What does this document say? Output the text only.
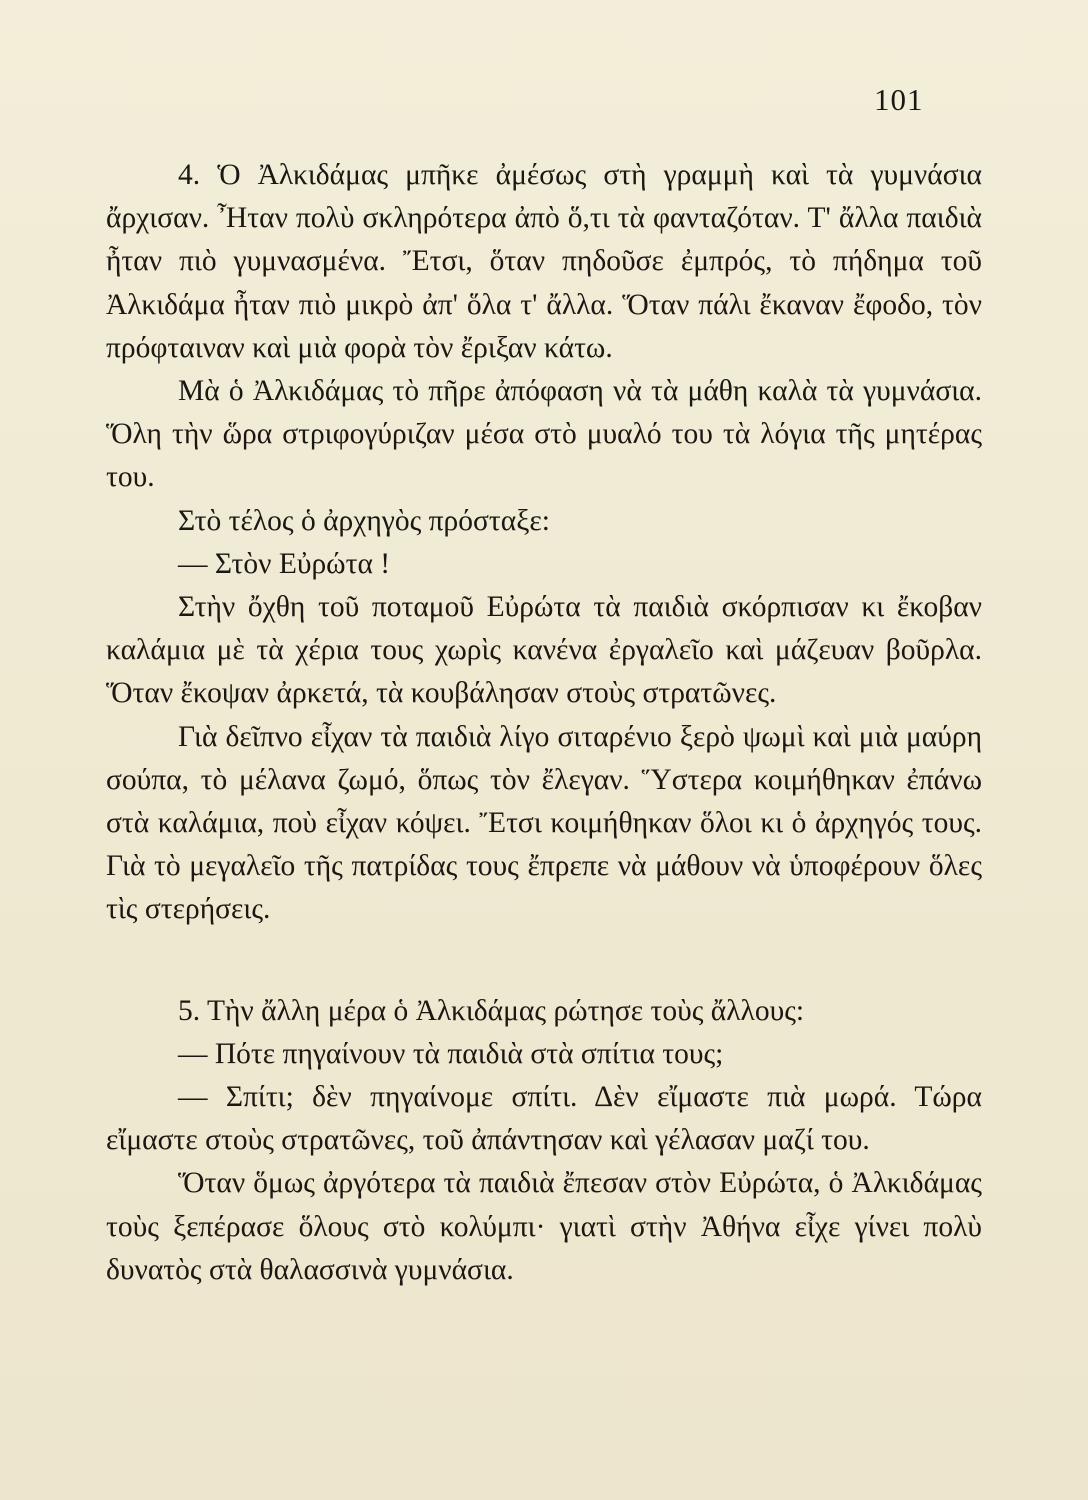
101

4. Ὁ Ἀλκιδάμας μπῆκε ἀμέσως στὴ γραμμὴ καὶ τὰ γυμνάσια ἄρχισαν. Ἦταν πολὺ σκληρότερα ἀπὸ ὅ,τι τὰ φανταζόταν. Τ' ἄλλα παιδιὰ ἦταν πιὸ γυμνασμένα. Ἔτσι, ὅταν πηδοῦσε ἐμπρός, τὸ πήδημα τοῦ Ἀλκιδάμα ἦταν πιὸ μικρὸ ἀπ' ὅλα τ' ἄλλα. Ὅταν πάλι ἔκαναν ἔφοδο, τὸν πρόφταιναν καὶ μιὰ φορὰ τὸν ἔριξαν κάτω.

Μὰ ὁ Ἀλκιδάμας τὸ πῆρε ἀπόφαση νὰ τὰ μάθη καλὰ τὰ γυμνάσια. Ὅλη τὴν ὥρα στριφογύριζαν μέσα στὸ μυαλό του τὰ λόγια τῆς μητέρας του.

Στὸ τέλος ὁ ἀρχηγὸς πρόσταξε:

— Στὸν Εὐρώτα !

Στὴν ὄχθη τοῦ ποταμοῦ Εὐρώτα τὰ παιδιὰ σκόρπισαν κι ἔκοβαν καλάμια μὲ τὰ χέρια τους χωρὶς κανένα ἐργαλεῖο καὶ μάζευαν βοῦρλα. Ὅταν ἔκοψαν ἀρκετά, τὰ κουβάλησαν στοὺς στρατῶνες.

Γιὰ δεῖπνο εἶχαν τὰ παιδιὰ λίγο σιταρένιο ξερὸ ψωμὶ καὶ μιὰ μαύρη σούπα, τὸ μέλανα ζωμό, ὅπως τὸν ἔλεγαν. Ὕστερα κοιμήθηκαν ἐπάνω στὰ καλάμια, ποὺ εἶχαν κόψει. Ἔτσι κοιμήθηκαν ὅλοι κι ὁ ἀρχηγός τους. Γιὰ τὸ μεγαλεῖο τῆς πατρίδας τους ἔπρεπε νὰ μάθουν νὰ ὑποφέρουν ὅλες τὶς στερήσεις.

5. Τὴν ἄλλη μέρα ὁ Ἀλκιδάμας ρώτησε τοὺς ἄλλους:

— Πότε πηγαίνουν τὰ παιδιὰ στὰ σπίτια τους;

— Σπίτι; δὲν πηγαίνομε σπίτι. Δὲν εἴμαστε πιὰ μωρά. Τώρα εἴμαστε στοὺς στρατῶνες, τοῦ ἀπάντησαν καὶ γέλασαν μαζί του.

Ὅταν ὅμως ἀργότερα τὰ παιδιὰ ἔπεσαν στὸν Εὐρώτα, ὁ Ἀλκιδάμας τοὺς ξεπέρασε ὅλους στὸ κολύμπι· γιατὶ στὴν Ἀθήνα εἶχε γίνει πολὺ δυνατὸς στὰ θαλασσινὰ γυμνάσια.
